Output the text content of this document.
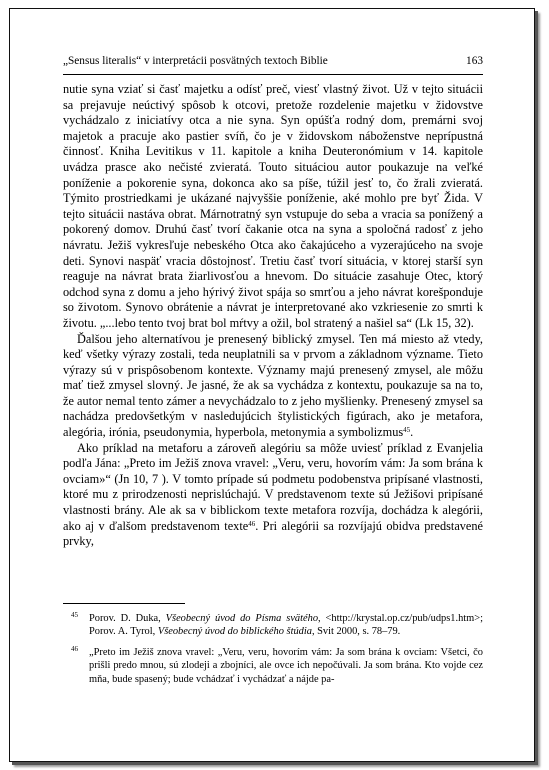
„Sensus literalis“ v interpretácii posvätných textoch Biblie	163

nutie syna vziať si časť majetku a odísť preč, viesť vlastný život. Už v tejto situácii sa prejavuje neúctivý spôsob k otcovi, pretože rozdelenie majetku v židovstve vychádzalo z iniciatívy otca a nie syna. Syn opúšťa rodný dom, premárni svoj majetok a pracuje ako pastier svíň, čo je v židovskom náboženstve neprípustná činnosť. Kniha Levitikus v 11. kapitole a kniha Deuteronómium v 14. kapitole uvádza prasce ako nečisté zvieratá. Touto situáciou autor poukazuje na veľké poníženie a pokorenie syna, dokonca ako sa píše, túžil jesť to, čo žrali zvieratá. Týmito prostriedkami je ukázané najvyššie poníženie, aké mohlo pre byť Žida. V tejto situácii nastáva obrat. Márnotratný syn vstupuje do seba a vracia sa ponížený a pokorený domov. Druhú časť tvorí čakanie otca na syna a spoločná radosť z jeho návratu. Ježiš vykresľuje nebeského Otca ako čakajúceho a vyzerajúceho na svoje deti. Synovi naspäť vracia dôstojnosť. Tretiu časť tvorí situácia, v ktorej starší syn reaguje na návrat brata žiarlivosťou a hnevom. Do situácie zasahuje Otec, ktorý odchod syna z domu a jeho hýrivý život spája so smrťou a jeho návrat korešponduje so životom. Synovo obrátenie a návrat je interpretované ako vzkriesenie zo smrti k životu. „...lebo tento tvoj brat bol mŕtvy a ožil, bol stratený a našiel sa“ (Lk 15, 32).

Ďalšou jeho alternatívou je prenesený biblický zmysel. Ten má miesto až vtedy, keď všetky výrazy zostali, teda neuplatnili sa v prvom a základnom význame. Tieto výrazy sú v prispôsobenom kontexte. Významy majú prenesený zmysel, ale môžu mať tiež zmysel slovný. Je jasné, že ak sa vychádza z kontextu, poukazuje sa na to, že autor nemal tento zámer a nevychádzalo to z jeho myšlienky. Prenesený zmysel sa nachádza predovšetkým v nasledujúcich štylistických figúrach, ako je metafora, alegória, irónia, pseudonymia, hyperbola, metonymia a symbolizmus$^{45}$.

Ako príklad na metaforu a zároveň alegóriu sa môže uviesť príklad z Evanjelia podľa Jána: „Preto im Ježiš znova vravel: „Veru, veru, hovorím vám: Ja som brána k ovciam»“ (Jn 10, 7 ). V tomto prípade sú podmetu podobenstva pripísané vlastnosti, ktoré mu z prirodzenosti neprislúchajú. V predstavenom texte sú Ježišovi pripísané vlastnosti brány. Ale ak sa v biblickom texte metafora rozvíja, dochádza k alegórii, ako aj v ďalšom predstavenom texte$^{46}$. Pri alegórii sa rozvíjajú obidva predstavené prvky,

45 Porov. D. Duka, Všeobecný úvod do Písma svätého, <http://krystal.op.cz/pub/udps1.htm>; Porov. A. Tyrol, Všeobecný úvod do biblického štúdia, Svit 2000, s. 78–79.
46 „Preto im Ježiš znova vravel: „Veru, veru, hovorím vám: Ja som brána k ovciam: Všetci, čo prišli predo mnou, sú zlodeji a zbojníci, ale ovce ich nepočúvali. Ja som brána. Kto vojde cez mňa, bude spasený; bude vchádzať i vychádzať a nájde pa-
